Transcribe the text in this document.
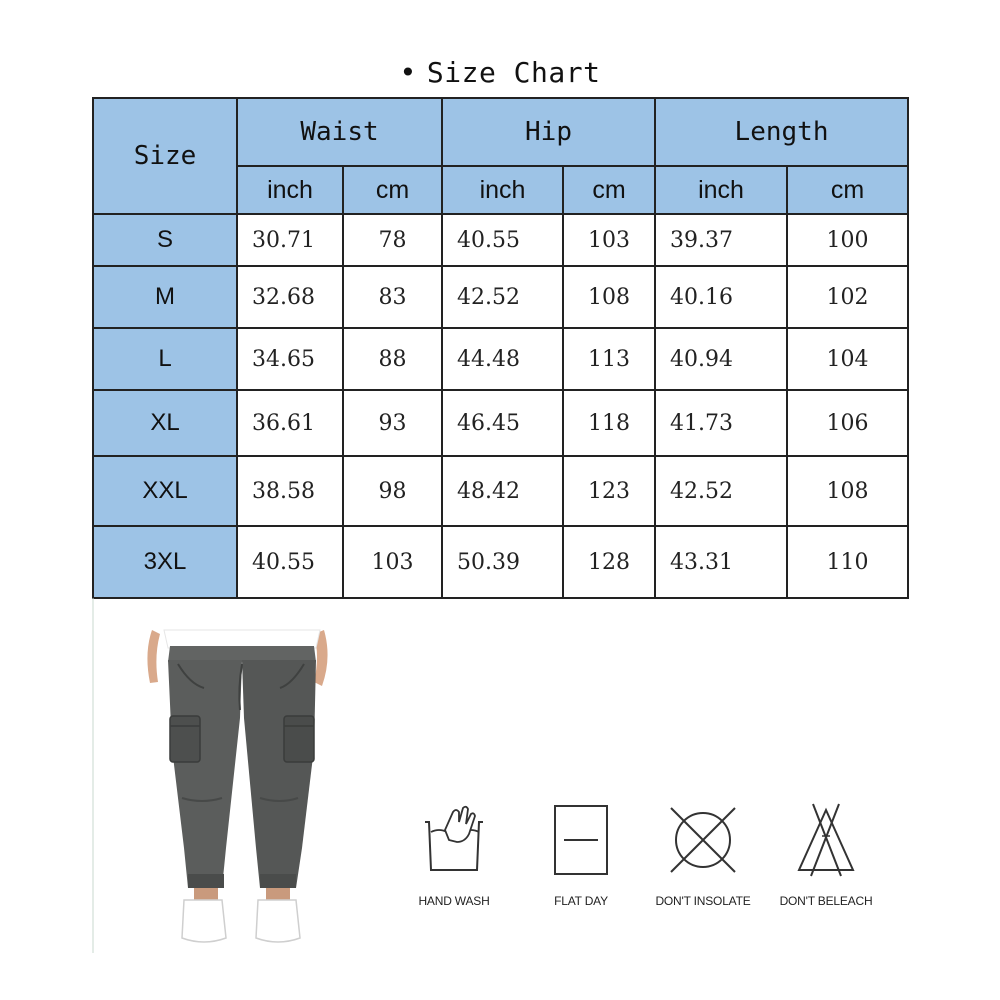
• Size Chart
Size	Waist		Hip		Length	
	inch	cm	inch	cm	inch	cm
S	30.71	78	40.55	103	39.37	100
M	32.68	83	42.52	108	40.16	102
L	34.65	88	44.48	113	40.94	104
XL	36.61	93	46.45	118	41.73	106
XXL	38.58	98	48.42	123	42.52	108
3XL	40.55	103	50.39	128	43.31	110
HAND WASH	FLAT DAY	DON'T INSOLATE	DON'T BELEACH
